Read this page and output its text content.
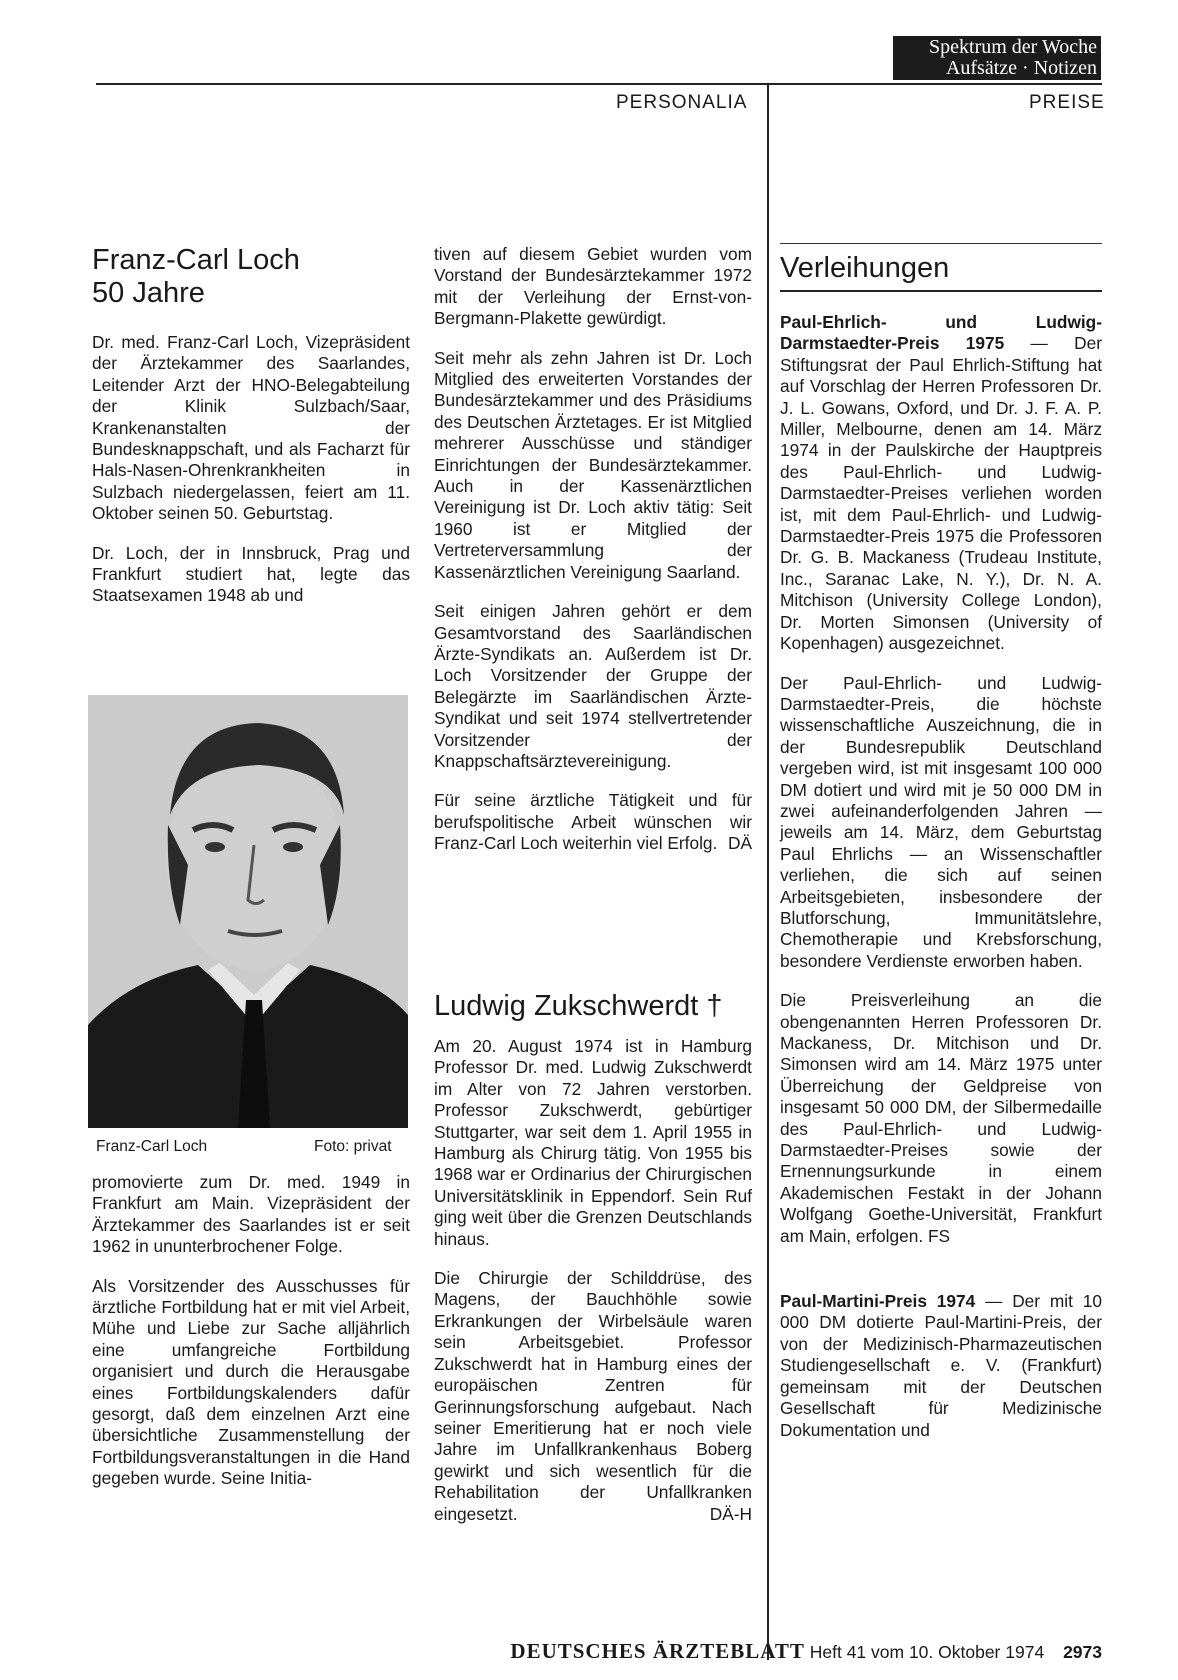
Spektrum der Woche
Aufsätze · Notizen
PERSONALIA	PREISE
Franz-Carl Loch
50 Jahre

Dr. med. Franz-Carl Loch, Vizepräsident der Ärztekammer des Saarlandes, Leitender Arzt der HNO-Belegabteilung der Klinik Sulzbach/Saar, Krankenanstalten der Bundesknappschaft, und als Facharzt für Hals-Nasen-Ohrenkrankheiten in Sulzbach niedergelassen, feiert am 11. Oktober seinen 50. Geburtstag.

Dr. Loch, der in Innsbruck, Prag und Frankfurt studiert hat, legte das Staatsexamen 1948 ab und

Franz-Carl Loch	Foto: privat

promovierte zum Dr. med. 1949 in Frankfurt am Main. Vizepräsident der Ärztekammer des Saarlandes ist er seit 1962 in ununterbrochener Folge.

Als Vorsitzender des Ausschusses für ärztliche Fortbildung hat er mit viel Arbeit, Mühe und Liebe zur Sache alljährlich eine umfangreiche Fortbildung organisiert und durch die Herausgabe eines Fortbildungskalenders dafür gesorgt, daß dem einzelnen Arzt eine übersichtliche Zusammenstellung der Fortbildungsveranstaltungen in die Hand gegeben wurde. Seine Initia-

tiven auf diesem Gebiet wurden vom Vorstand der Bundesärztekammer 1972 mit der Verleihung der Ernst-von-Bergmann-Plakette gewürdigt.

Seit mehr als zehn Jahren ist Dr. Loch Mitglied des erweiterten Vorstandes der Bundesärztekammer und des Präsidiums des Deutschen Ärztetages. Er ist Mitglied mehrerer Ausschüsse und ständiger Einrichtungen der Bundesärztekammer. Auch in der Kassenärztlichen Vereinigung ist Dr. Loch aktiv tätig: Seit 1960 ist er Mitglied der Vertreterversammlung der Kassenärztlichen Vereinigung Saarland.

Seit einigen Jahren gehört er dem Gesamtvorstand des Saarländischen Ärzte-Syndikats an. Außerdem ist Dr. Loch Vorsitzender der Gruppe der Belegärzte im Saarländischen Ärzte-Syndikat und seit 1974 stellvertretender Vorsitzender der Knappschaftsärztevereinigung.

Für seine ärztliche Tätigkeit und für berufspolitische Arbeit wünschen wir Franz-Carl Loch weiterhin viel Erfolg. DÄ

Ludwig Zukschwerdt †

Am 20. August 1974 ist in Hamburg Professor Dr. med. Ludwig Zukschwerdt im Alter von 72 Jahren verstorben. Professor Zukschwerdt, gebürtiger Stuttgarter, war seit dem 1. April 1955 in Hamburg als Chirurg tätig. Von 1955 bis 1968 war er Ordinarius der Chirurgischen Universitätsklinik in Eppendorf. Sein Ruf ging weit über die Grenzen Deutschlands hinaus.

Die Chirurgie der Schilddrüse, des Magens, der Bauchhöhle sowie Erkrankungen der Wirbelsäule waren sein Arbeitsgebiet. Professor Zukschwerdt hat in Hamburg eines der europäischen Zentren für Gerinnungsforschung aufgebaut. Nach seiner Emeritierung hat er noch viele Jahre im Unfallkrankenhaus Boberg gewirkt und sich wesentlich für die Rehabilitation der Unfallkranken eingesetzt.	DÄ-H

Verleihungen

Paul-Ehrlich- und Ludwig-Darmstaedter-Preis 1975 — Der Stiftungsrat der Paul Ehrlich-Stiftung hat auf Vorschlag der Herren Professoren Dr. J. L. Gowans, Oxford, und Dr. J. F. A. P. Miller, Melbourne, denen am 14. März 1974 in der Paulskirche der Hauptpreis des Paul-Ehrlich- und Ludwig-Darmstaedter-Preises verliehen worden ist, mit dem Paul-Ehrlich- und Ludwig-Darmstaedter-Preis 1975 die Professoren Dr. G. B. Mackaness (Trudeau Institute, Inc., Saranac Lake, N. Y.), Dr. N. A. Mitchison (University College London), Dr. Morten Simonsen (University of Kopenhagen) ausgezeichnet.

Der Paul-Ehrlich- und Ludwig-Darmstaedter-Preis, die höchste wissenschaftliche Auszeichnung, die in der Bundesrepublik Deutschland vergeben wird, ist mit insgesamt 100 000 DM dotiert und wird mit je 50 000 DM in zwei aufeinanderfolgenden Jahren — jeweils am 14. März, dem Geburtstag Paul Ehrlichs — an Wissenschaftler verliehen, die sich auf seinen Arbeitsgebieten, insbesondere der Blutforschung, Immunitätslehre, Chemotherapie und Krebsforschung, besondere Verdienste erworben haben.

Die Preisverleihung an die obengenannten Herren Professoren Dr. Mackaness, Dr. Mitchison und Dr. Simonsen wird am 14. März 1975 unter Überreichung der Geldpreise von insgesamt 50 000 DM, der Silbermedaille des Paul-Ehrlich- und Ludwig-Darmstaedter-Preises sowie der Ernennungsurkunde in einem Akademischen Festakt in der Johann Wolfgang Goethe-Universität, Frankfurt am Main, erfolgen. FS

Paul-Martini-Preis 1974 — Der mit 10 000 DM dotierte Paul-Martini-Preis, der von der Medizinisch-Pharmazeutischen Studiengesellschaft e. V. (Frankfurt) gemeinsam mit der Deutschen Gesellschaft für Medizinische Dokumentation und

DEUTSCHES ÄRZTEBLATT Heft 41 vom 10. Oktober 1974 2973
